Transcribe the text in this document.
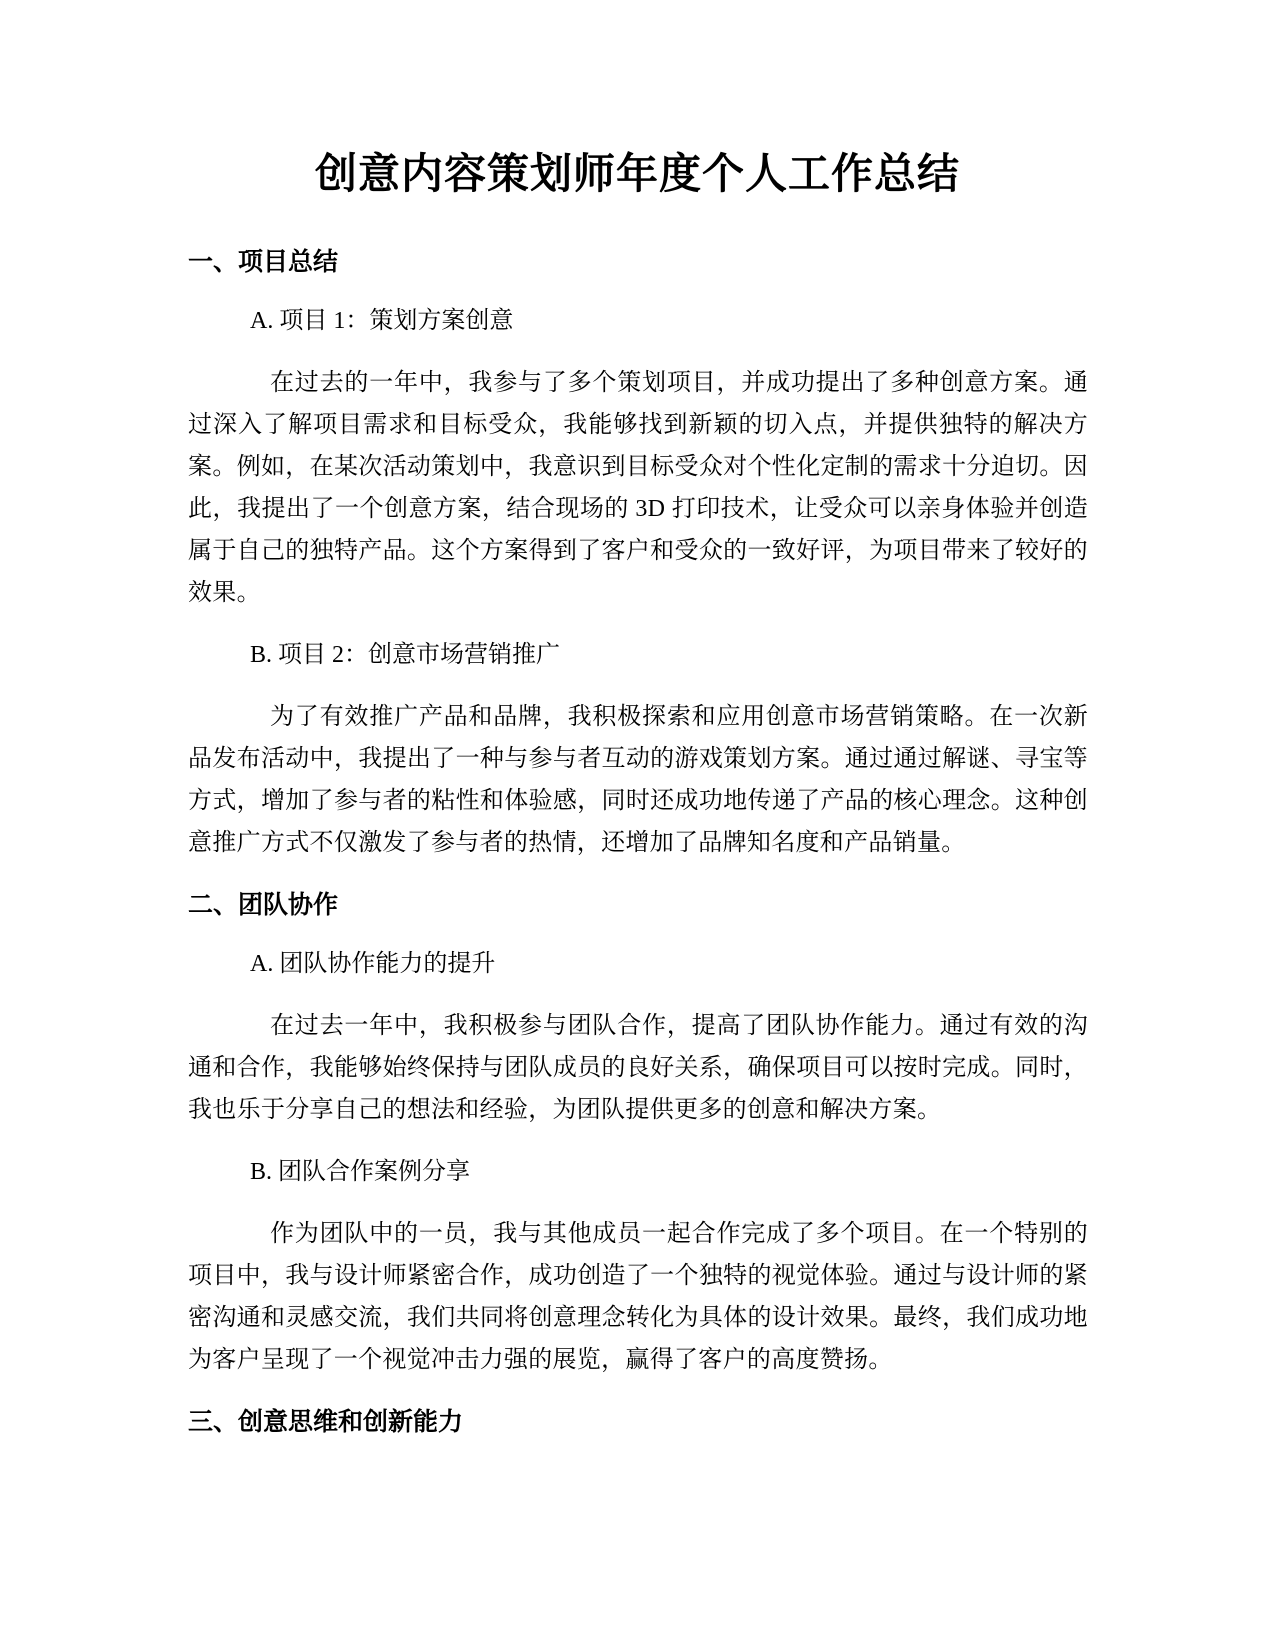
创意内容策划师年度个人工作总结
一、项目总结
A. 项目 1：策划方案创意

在过去的一年中，我参与了多个策划项目，并成功提出了多种创意方案。通过深入了解项目需求和目标受众，我能够找到新颖的切入点，并提供独特的解决方案。例如，在某次活动策划中，我意识到目标受众对个性化定制的需求十分迫切。因此，我提出了一个创意方案，结合现场的 3D 打印技术，让受众可以亲身体验并创造属于自己的独特产品。这个方案得到了客户和受众的一致好评，为项目带来了较好的效果。

B. 项目 2：创意市场营销推广

为了有效推广产品和品牌，我积极探索和应用创意市场营销策略。在一次新品发布活动中，我提出了一种与参与者互动的游戏策划方案。通过通过解谜、寻宝等方式，增加了参与者的粘性和体验感，同时还成功地传递了产品的核心理念。这种创意推广方式不仅激发了参与者的热情，还增加了品牌知名度和产品销量。

二、团队协作
A. 团队协作能力的提升

在过去一年中，我积极参与团队合作，提高了团队协作能力。通过有效的沟通和合作，我能够始终保持与团队成员的良好关系，确保项目可以按时完成。同时，我也乐于分享自己的想法和经验，为团队提供更多的创意和解决方案。

B. 团队合作案例分享

作为团队中的一员，我与其他成员一起合作完成了多个项目。在一个特别的项目中，我与设计师紧密合作，成功创造了一个独特的视觉体验。通过与设计师的紧密沟通和灵感交流，我们共同将创意理念转化为具体的设计效果。最终，我们成功地为客户呈现了一个视觉冲击力强的展览，赢得了客户的高度赞扬。

三、创意思维和创新能力
